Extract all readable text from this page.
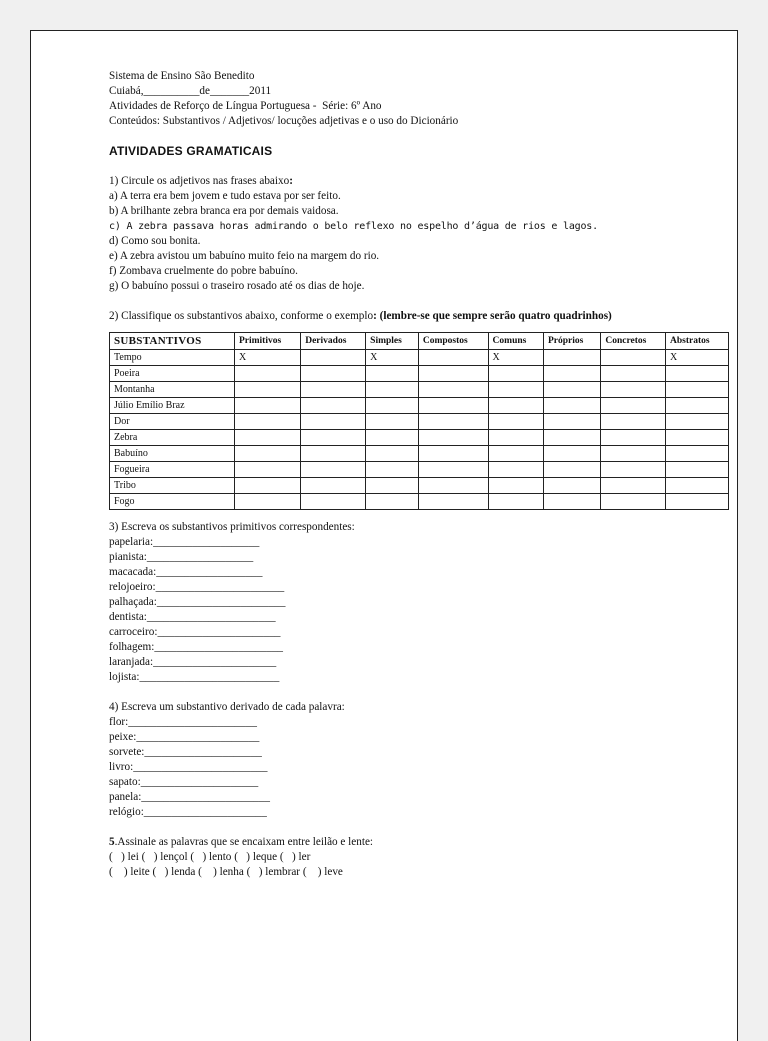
Sistema de Ensino São Benedito
Cuiabá,__________de_______2011
Atividades de Reforço de Língua Portuguesa -  Série: 6º Ano
Conteúdos: Substantivos / Adjetivos/ locuções adjetivas e o uso do Dicionário
ATIVIDADES GRAMATICAIS
1) Circule os adjetivos nas frases abaixo:
a) A terra era bem jovem e tudo estava por ser feito.
b) A brilhante zebra branca era por demais vaidosa.
c) A zebra passava horas admirando o belo reflexo no espelho d’água de rios e lagos.
d) Como sou bonita.
e) A zebra avistou um babuíno muito feio na margem do rio.
f) Zombava cruelmente do pobre babuíno.
g) O babuíno possui o traseiro rosado até os dias de hoje.
2) Classifique os substantivos abaixo, conforme o exemplo: (lembre-se que sempre serão quatro quadrinhos)
SUBSTANTIVOS	Primitivos	Derivados	Simples	Compostos	Comuns	Próprios	Concretos	Abstratos
Tempo	X		X		X			X
Poeira								
Montanha								
Júlio Emílio Braz								
Dor								
Zebra								
Babuíno								
Fogueira								
Tribo								
Fogo								
3) Escreva os substantivos primitivos correspondentes:
papelaria:___________________
pianista:___________________
macacada:___________________
relojoeiro:_______________________
palhaçada:_______________________
dentista:_______________________
carroceiro:______________________
folhagem:_______________________
laranjada:______________________
lojista:_________________________
4) Escreva um substantivo derivado de cada palavra:
flor:_______________________
peixe:______________________
sorvete:_____________________
livro:________________________
sapato:_____________________
panela:_______________________
relógio:______________________
5.Assinale as palavras que se encaixam entre leilão e lente:
(   ) lei (   ) lençol (   ) lento (   ) leque (   ) ler
(    ) leite (   ) lenda (    ) lenha (   ) lembrar (    ) leve
